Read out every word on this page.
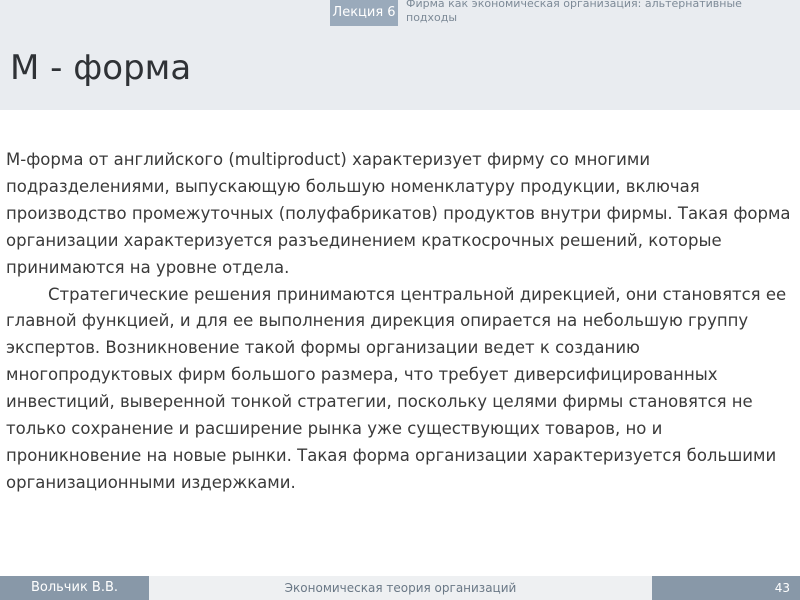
Лекция 6
Фирма как экономическая организация: альтернативные подходы
М - форма

М-форма от английского (multiproduct) характеризует фирму со многими подразделениями, выпускающую большую номенклатуру продукции, включая производство промежуточных (полуфабрикатов) продуктов внутри фирмы. Такая форма организации характеризуется разъединением краткосрочных решений, которые принимаются на уровне отдела.

Стратегические решения принимаются центральной дирекцией, они становятся ее главной функцией, и для ее выполнения дирекция опирается на небольшую группу экспертов. Возникновение такой формы организации ведет к созданию многопродуктовых фирм большого размера, что требует диверсифицированных инвестиций, выверенной тонкой стратегии, поскольку целями фирмы становятся не только сохранение и расширение рынка уже существующих товаров, но и проникновение на новые рынки. Такая форма организации характеризуется большими организационными издержками.

Вольчик В.В.	Экономическая теория организаций	43
